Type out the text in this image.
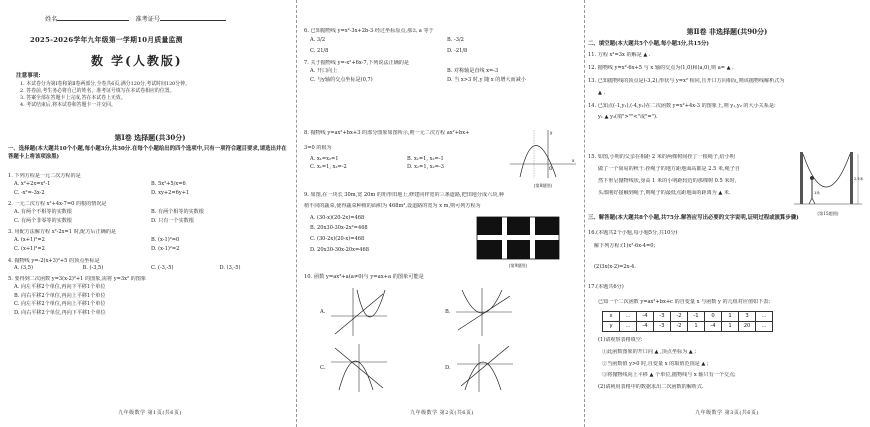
姓名	准考证号
2025-2026学年九年级第一学期10月质量监测
数 学(人教版)
注意事项:
1. 本试卷分为第Ⅰ卷和第Ⅱ卷两部分,全卷共6页,满分120分,考试时间120分钟。
2. 答卷前,考生务必将自己的姓名、准考证号填写在本试卷相应的位置。
3. 答案全部在答题卡上完成,答在本试卷上无效。
4. 考试结束后,将本试卷和答题卡一并交回。
第Ⅰ卷 选择题(共30分)
一、选择题(本大题共10个小题,每小题3分,共30分.在每个小题给出的四个选项中,只有一项符合题目要求,请选出并在答题卡上将该项涂黑)
1. 下列方程是一元二次方程的是
A. x²+2x=x²-1	B. 5x²+5/x=6
C. -x²=-3x-2	D. xy+2=6y+1
2. 一元二次方程 x²+4x-7=0 的根的情况是
A. 有两个不相等的实数根	B. 有两个相等的实数根
C. 有两个非零等的实数根	D. 只有一个实数根
3. 用配方法解方程 x²-2x=1 时,配方后正确的是
A. (x+1)²=2	B. (x-1)²=0
C. (x+1)²=2	D. (x-1)²=2
4. 抛物线 y=-2(x+3)²+5 的顶点坐标是
A. (3,5)	B. (-3,5)	C. (-3,-5)	D. (3,-5)
5. 要得到二次函数 y=3(x-2)²+1 的图象,需将 y=3x² 的图象
A. 向左平移2个单位,再向下平移1个单位
B. 向右平移2个单位,再向上平移1个单位
C. 向左平移2个单位,再向上平移1个单位
D. 向右平移2个单位,再向下平移1个单位
九年级数学 第1页(共6页)
6. 已知抛物线 y=x²-3x+2b-3 经过坐标原点,那么 a 等于
A. 3/2	B. -3/2
C. 21/8	D. -21/8
7. 关于抛物线 y=-x²+6x-7,下列说法正确的是
A. 开口向上	B. 对称轴是直线 x=-3
C. 与y轴的交点坐标是(0,7)	D. 当 x>3 时,y 随 x 的增大而减小
8. 抛物线 y=ax²+bx+3 的部分图象如图所示,则一元二次方程 ax²+bx+
3=0 的根为
A. x₁=x₂=1	B. x₁=1, x₂=-1
C. x₁=1, x₂=-2	D. x₁=1, x₂=-3	O
x
y
(第8题图)
9. 如图,在一块长 30m,宽 20m 的矩形田地上,修建同样宽的三条道路,把田地分成六块,种
植不同的蔬菜,使得蔬菜种植的面积为 468m²,设道路的宽为 x m,则可列方程为
A. (30-x)(20-2x)=468
B. 20x30-30x-2x²=468
C. (30-2x)(20-x)=468
D. 20x30-30x-20x=468
(第9题图)
10. 函数 y=ax²+a(a≠0)与 y=ax+a 的图象可能是
A.	B.
C.	D.
九年级数学 第2页(共6页)
第Ⅱ卷 非选择题(共90分)
二、填空题(本大题共5个小题,每小题3分,共15分)
11. 方程 x²=3x 的解是 ▲ .
12. 抛物线 y=x²-6x+5 与 x 轴的交点为(1,0)和(a,0),则 a= ▲ .
13. 已知抛物线的顶点是(-3,2),形状与 y=x² 相同,且开口方向相反,则该抛物线解析式为
▲ .
14. 已知点(-1,y₁),(-4,y₂)在二次函数 y=x²+4x-3 的图象上,则 y₁,y₂ 的大小关系是:
y₁ ▲ y₂(填">""<"或"=").
15. 如图,小明的父亲在相距 2 米的两棵树间拴了一根绳子,给小明
做了一个简易的秋千.拴绳子的地方距地面高都是 2.5 米,绳子自
然下垂呈抛物线状,身高 1 米的小明距较近的那棵树 0.5 米时,
头部刚好接触到绳子,则绳子的最低点距地面的距离为 ▲ 米.
2.5米
1米
(第15题图)
三、解答题(本大题共8个小题,共75分.解答应写出必要的文字说明,证明过程或演算步骤)
16.(本题共2个小题,每小题5分,共10分)
解下列方程:(1)x²-6x-4=0;
(2)3x(x-2)=2x-4.
17.(本题共6分)
已知一个二次函数 y=ax²+bx+c 的自变量 x 与函数 y 的几组对应值如下表:
x	…	-4	-3	-2	-1	0	1	3	…
y	…	-4	-3	-2	1	-4	1	20	…
(1)请观察表格填空:
①此函数图象的开口向 ▲ ,顶点坐标为 ▲ ;
②当函数值 y>0 时,自变量 x 的取值范围是 ▲ ;
③将抛物线向上平移 ▲ 个单位,抛物线与 x 轴只有一个交点;
(2)请利用表格中的数据求出二次函数的解析式.
九年级数学 第3页(共6页)
